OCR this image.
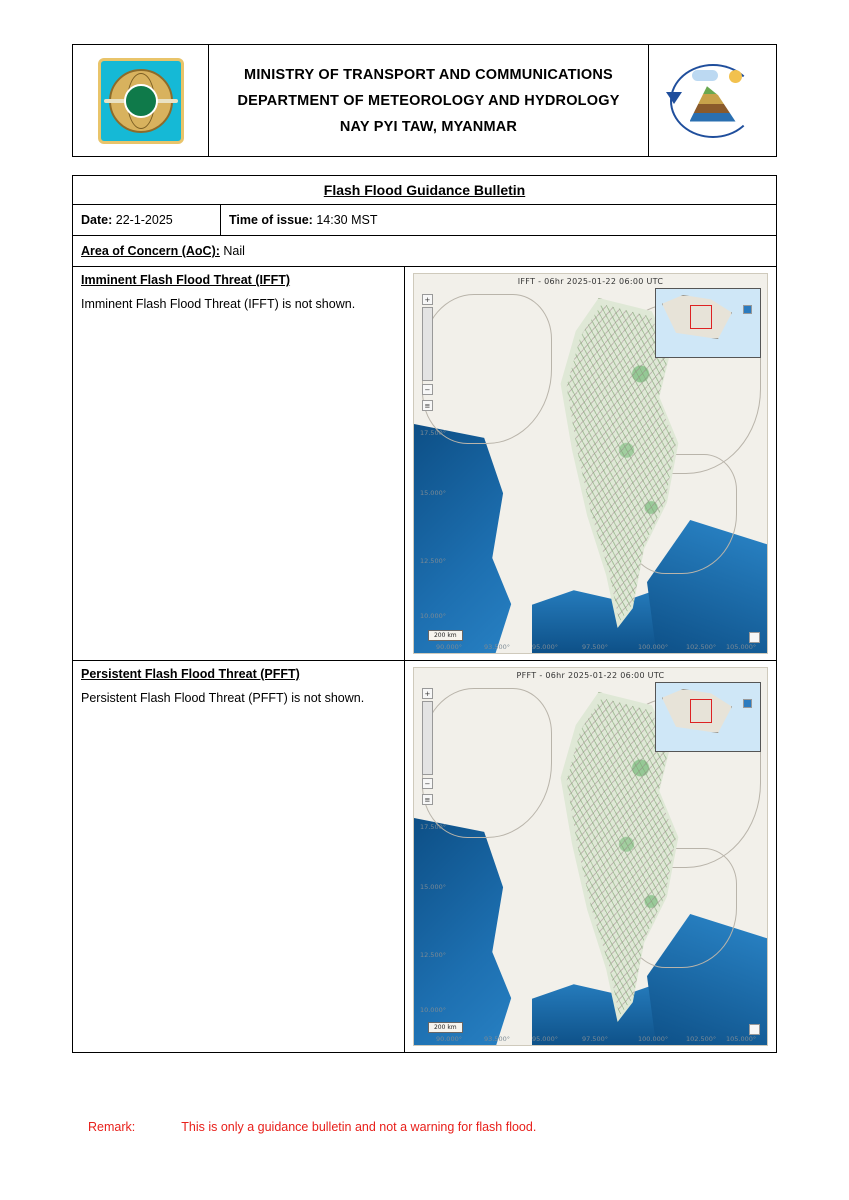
MINISTRY OF TRANSPORT AND COMMUNICATIONS
DEPARTMENT OF METEOROLOGY AND HYDROLOGY
NAY PYI TAW, MYANMAR

Flash Flood Guidance Bulletin		
Date: 22-1-2025	Time of issue: 14:30 MST	
Area of Concern (AoC): Nail		

Imminent Flash Flood Threat (IFFT)
Imminent Flash Flood Threat (IFFT) is not shown.

IFFT - 06hr 2025-01-22 06:00 UTC
17.500°
15.000°
12.500°
10.000°
90.000°	93.500°	95.000°	97.500°	100.000°	102.500° 105.000°
200 km
+
−
≡

Persistent Flash Flood Threat (PFFT)
Persistent Flash Flood Threat (PFFT) is not shown.

PFFT - 06hr 2025-01-22 06:00 UTC
17.500°
15.000°
12.500°
10.000°
90.000°	93.500°	95.000°	97.500°	100.000°	102.500° 105.000°
200 km
+
−
≡
Remark:	This is only a guidance bulletin and not a warning for flash flood.
